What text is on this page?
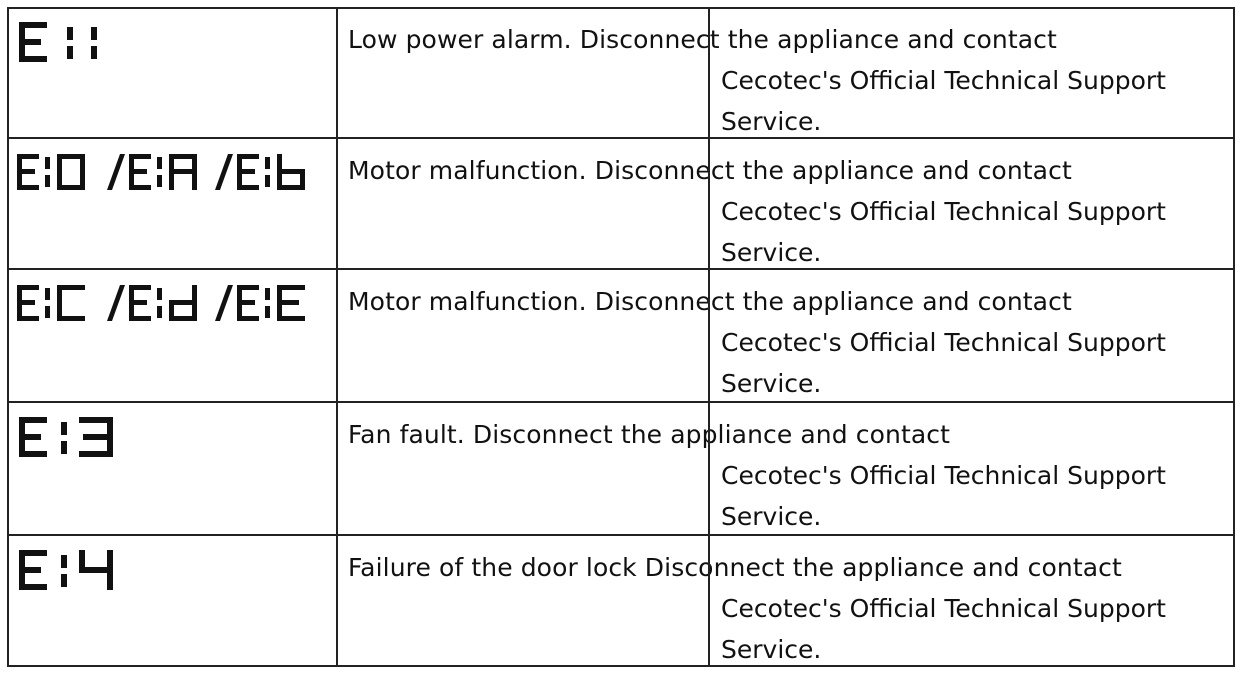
Low power alarm. Disconnect the appliance and contact
Cecotec's Official Technical Support
Service.
Motor malfunction. Disconnect the appliance and contact
Cecotec's Official Technical Support
Service.
Motor malfunction. Disconnect the appliance and contact
Cecotec's Official Technical Support
Service.
Fan fault. Disconnect the appliance and contact
Cecotec's Official Technical Support
Service.
Failure of the door lock Disconnect the appliance and contact
Cecotec's Official Technical Support
Service.
